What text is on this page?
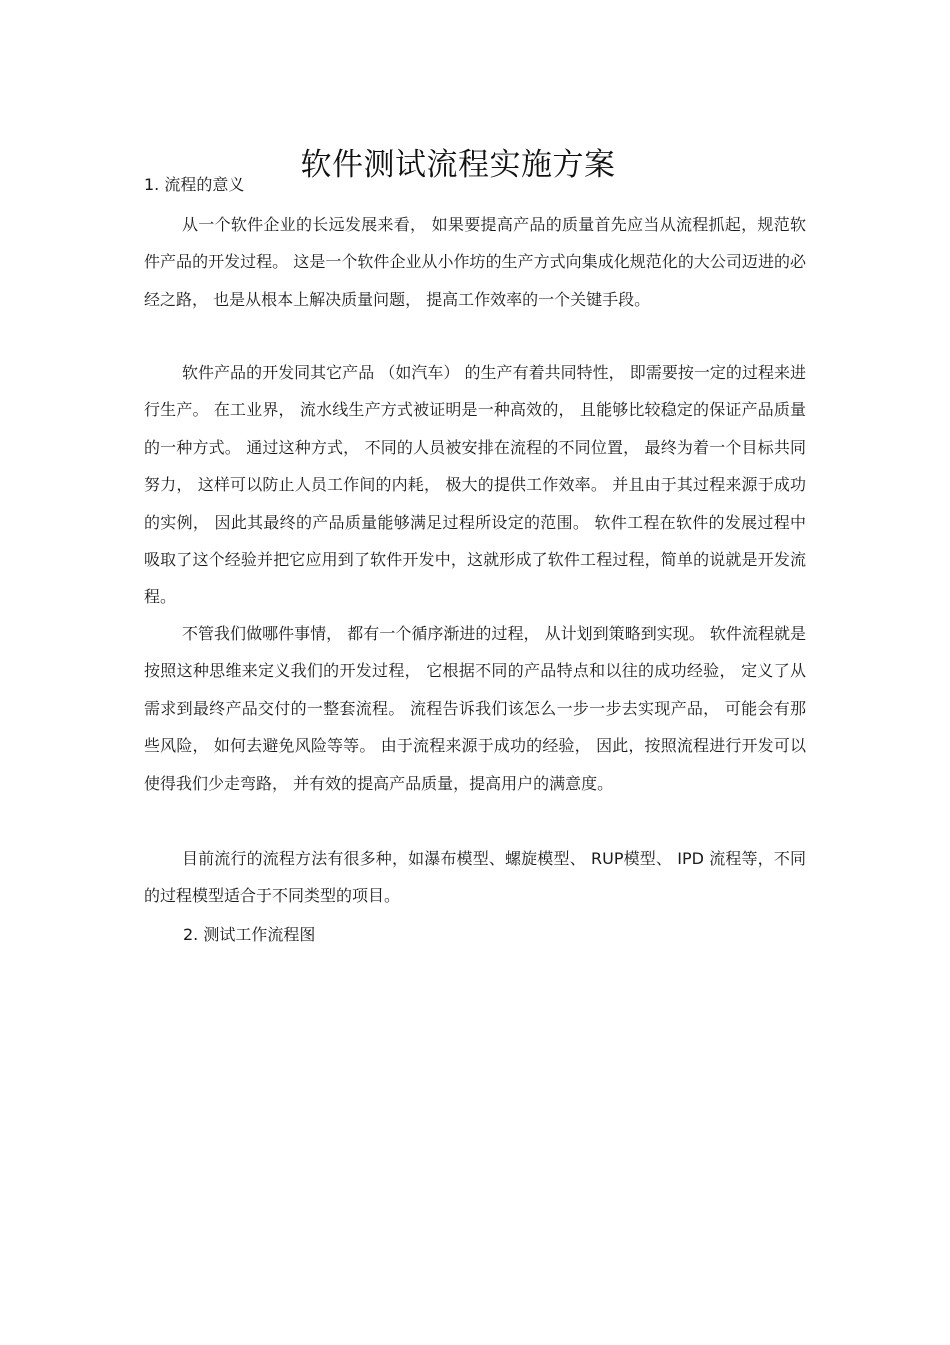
软件测试流程实施方案
1. 流程的意义

从一个软件企业的长远发展来看， 如果要提高产品的质量首先应当从流程抓起，规范软件产品的开发过程。 这是一个软件企业从小作坊的生产方式向集成化规范化的大公司迈进的必经之路， 也是从根本上解决质量问题， 提高工作效率的一个关键手段。

软件产品的开发同其它产品 （如汽车） 的生产有着共同特性， 即需要按一定的过程来进行生产。 在工业界， 流水线生产方式被证明是一种高效的， 且能够比较稳定的保证产品质量的一种方式。 通过这种方式， 不同的人员被安排在流程的不同位置， 最终为着一个目标共同努力， 这样可以防止人员工作间的内耗， 极大的提供工作效率。 并且由于其过程来源于成功的实例， 因此其最终的产品质量能够满足过程所设定的范围。 软件工程在软件的发展过程中吸取了这个经验并把它应用到了软件开发中，这就形成了软件工程过程，简单的说就是开发流程。

不管我们做哪件事情， 都有一个循序渐进的过程， 从计划到策略到实现。 软件流程就是按照这种思维来定义我们的开发过程， 它根据不同的产品特点和以往的成功经验， 定义了从需求到最终产品交付的一整套流程。 流程告诉我们该怎么一步一步去实现产品， 可能会有那些风险， 如何去避免风险等等。 由于流程来源于成功的经验， 因此，按照流程进行开发可以使得我们少走弯路， 并有效的提高产品质量，提高用户的满意度。

目前流行的流程方法有很多种，如瀑布模型、螺旋模型、 RUP模型、 IPD 流程等，不同的过程模型适合于不同类型的项目。

2. 测试工作流程图
